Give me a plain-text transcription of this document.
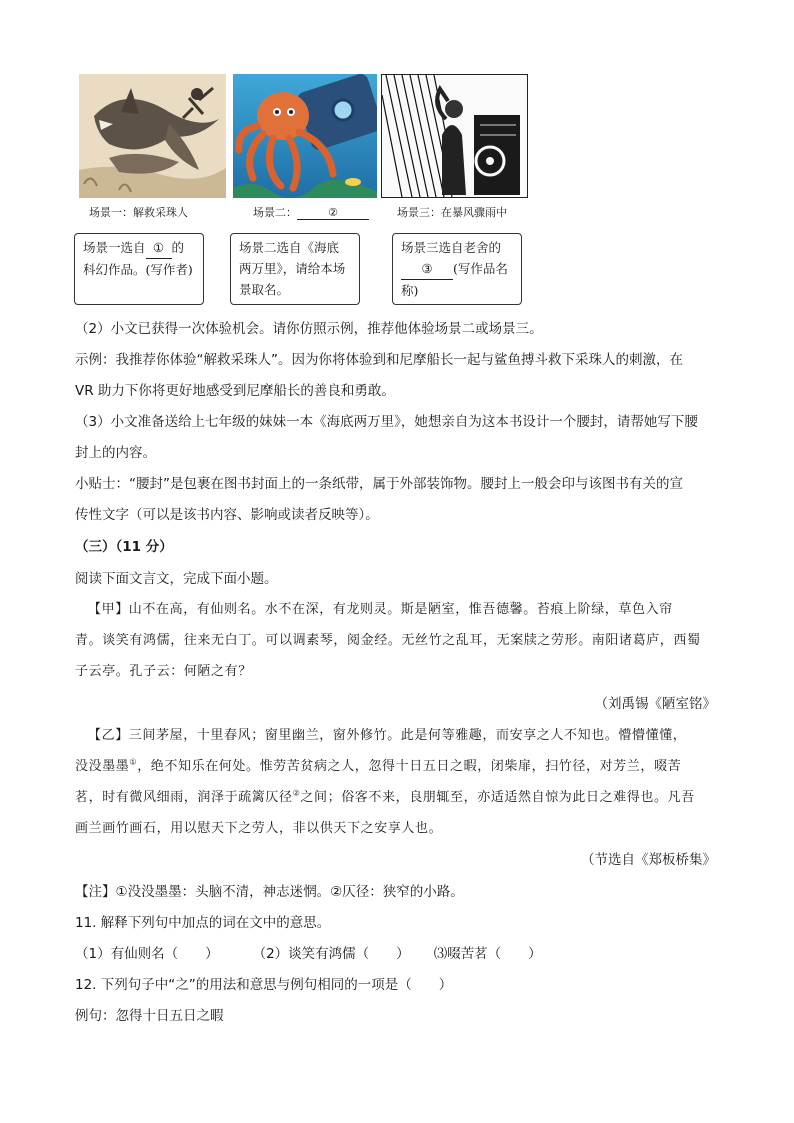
场景一：解救采珠人	场景二：	②	场景三：在暴风骤雨中
场景一选自 ① 的科幻作品。(写作者)
场景二选自《海底两万里》，请给本场景取名。
场景三选自老舍的③ (写作品名称)
（2）小文已获得一次体验机会。请你仿照示例，推荐他体验场景二或场景三。
示例：我推荐你体验“解救采珠人”。因为你将体验到和尼摩船长一起与鲨鱼搏斗救下采珠人的刺激，在
VR 助力下你将更好地感受到尼摩船长的善良和勇敢。
（3）小文准备送给上七年级的妹妹一本《海底两万里》，她想亲自为这本书设计一个腰封，请帮她写下腰
封上的内容。
小贴士：“腰封”是包裹在图书封面上的一条纸带，属于外部装饰物。腰封上一般会印与该图书有关的宣
传性文字（可以是该书内容、影响或读者反映等）。
（三）（11 分）
阅读下面文言文，完成下面小题。
【甲】山不在高，有仙则名。水不在深，有龙则灵。斯是陋室，惟吾德馨。苔痕上阶绿，草色入帘
青。谈笑有鸿儒，往来无白丁。可以调素琴，阅金经。无丝竹之乱耳，无案牍之劳形。南阳诸葛庐，西蜀
子云亭。孔子云：何陋之有？
（刘禹锡《陋室铭》
【乙】三间茅屋，十里春风；窗里幽兰，窗外修竹。此是何等雅趣，而安享之人不知也。懵懵懂懂，
没没墨墨①，绝不知乐在何处。惟劳苦贫病之人，忽得十日五日之暇，闭柴扉，扫竹径，对芳兰，啜苦
茗，时有微风细雨，润泽于疏篱仄径②之间；俗客不来，良朋辄至，亦适适然自惊为此日之难得也。凡吾
画兰画竹画石，用以慰天下之劳人，非以供天下之安享人也。
（节选自《郑板桥集》
【注】①没没墨墨：头脑不清，神志迷惘。②仄径：狭窄的小路。
11. 解释下列句中加点的词在文中的意思。
（1）有仙则名（　　）	（2）谈笑有鸿儒（　　） ⑶啜苦茗（　　）
12. 下列句子中“之”的用法和意思与例句相同的一项是（　　）
例句：忽得十日五日之暇
